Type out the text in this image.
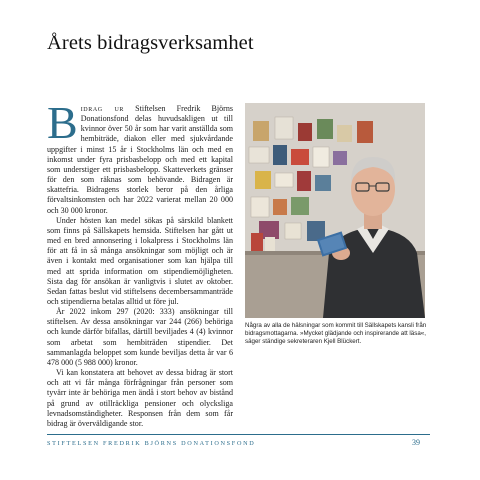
Årets bidragsverksamhet

Bidrag ur Stiftelsen Fredrik Björns Donationsfond delas huvudsakligen ut till kvinnor över 50 år som har varit anställda som hembiträde, diakon eller med sjukvårdande uppgifter i minst 15 år i Stockholms län och med en inkomst under fyra prisbasbelopp och med ett kapital som understiger ett prisbasbelopp. Skatteverkets gränser för den som räknas som behövande. Bidragen är skattefria. Bidragens storlek beror på den årliga förvaltsinkomsten och har 2022 varierat mellan 20 000 och 30 000 kronor.

Under hösten kan medel sökas på särskild blankett som finns på Sällskapets hemsida. Stiftelsen har gått ut med en bred annonsering i lokalpress i Stockholms län för att få in så många ansökningar som möjligt och är även i kontakt med organisationer som kan hjälpa till med att sprida information om stipendiemöjligheten. Sista dag för ansökan är vanligtvis i slutet av oktober. Sedan fattas beslut vid stiftelsens decembersammanträde och stipendierna betalas alltid ut före jul.

År 2022 inkom 297 (2020: 333) ansökningar till stiftelsen. Av dessa ansökningar var 244 (266) behöriga och kunde därför bifallas, därtill beviljades 4 (4) kvinnor som arbetat som hembiträden stipendier. Det sammanlagda beloppet som kunde beviljas detta år var 6 478 000 (5 988 000) kronor.

Vi kan konstatera att behovet av dessa bidrag är stort och att vi får många förfrågningar från personer som tyvärr inte är behöriga men ändå i stort behov av bistånd på grund av otillräckliga pensioner och olycksliga levnadsomständigheter. Responsen från dem som får bidrag är överväldigande stor.

Några av alla de hälsningar som kommit till Sällskapets kansli från bidragsmottagarna. »Mycket glädjande och inspirerande att läsa«, säger ständige sekreteraren Kjell Blückert.
STIFTELSEN FREDRIK BJÖRNS DONATIONSFOND	39
